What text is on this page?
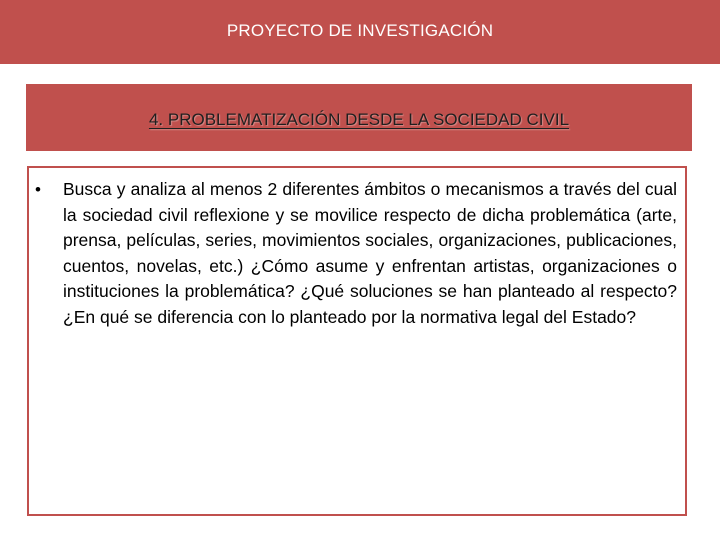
PROYECTO DE INVESTIGACIÓN
4. PROBLEMATIZACIÓN DESDE LA SOCIEDAD CIVIL
•	Busca y analiza al menos 2 diferentes ámbitos o mecanismos a través del cual la sociedad civil reflexione y se movilice respecto de dicha problemática (arte, prensa, películas, series, movimientos sociales, organizaciones, publicaciones, cuentos, novelas, etc.) ¿Cómo asume y enfrentan artistas, organizaciones o instituciones la problemática? ¿Qué soluciones se han planteado al respecto? ¿En qué se diferencia con lo planteado por la normativa legal del Estado?
